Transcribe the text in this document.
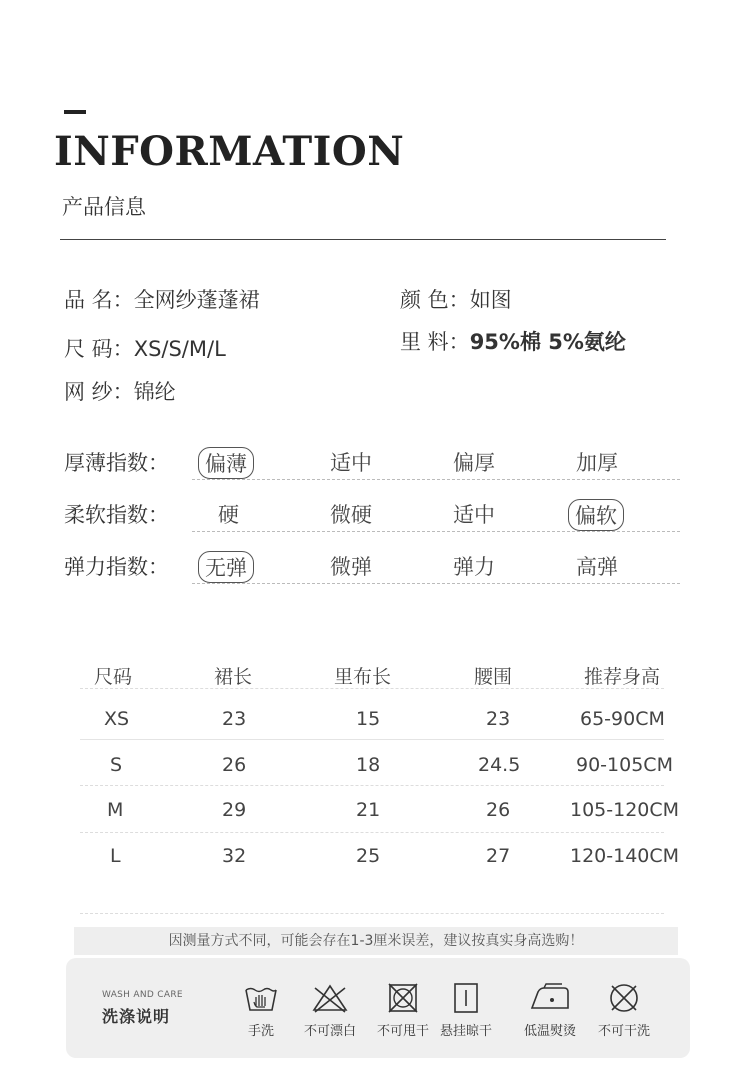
INFORMATION
产品信息
品 名：全网纱蓬蓬裙	颜 色：如图
尺 码：XS/S/M/L	里 料：95%棉 5%氨纶
网 纱：锦纶
厚薄指数：	偏薄	适中	偏厚	加厚
柔软指数： 硬	微硬	适中	偏软
弹力指数：	无弹	微弹	弹力	高弹
尺码	裙长	里布长	腰围	推荐身高
XS	23	15	23	65-90CM
S	26	18	24.5	90-105CM
M	29	21	26	105-120CM
L	32	25	27	120-140CM
因测量方式不同，可能会存在1-3厘米误差，建议按真实身高选购！
WASH AND CARE
洗涤说明
手洗	不可漂白	不可甩干 悬挂晾干	低温熨烫	不可干洗
